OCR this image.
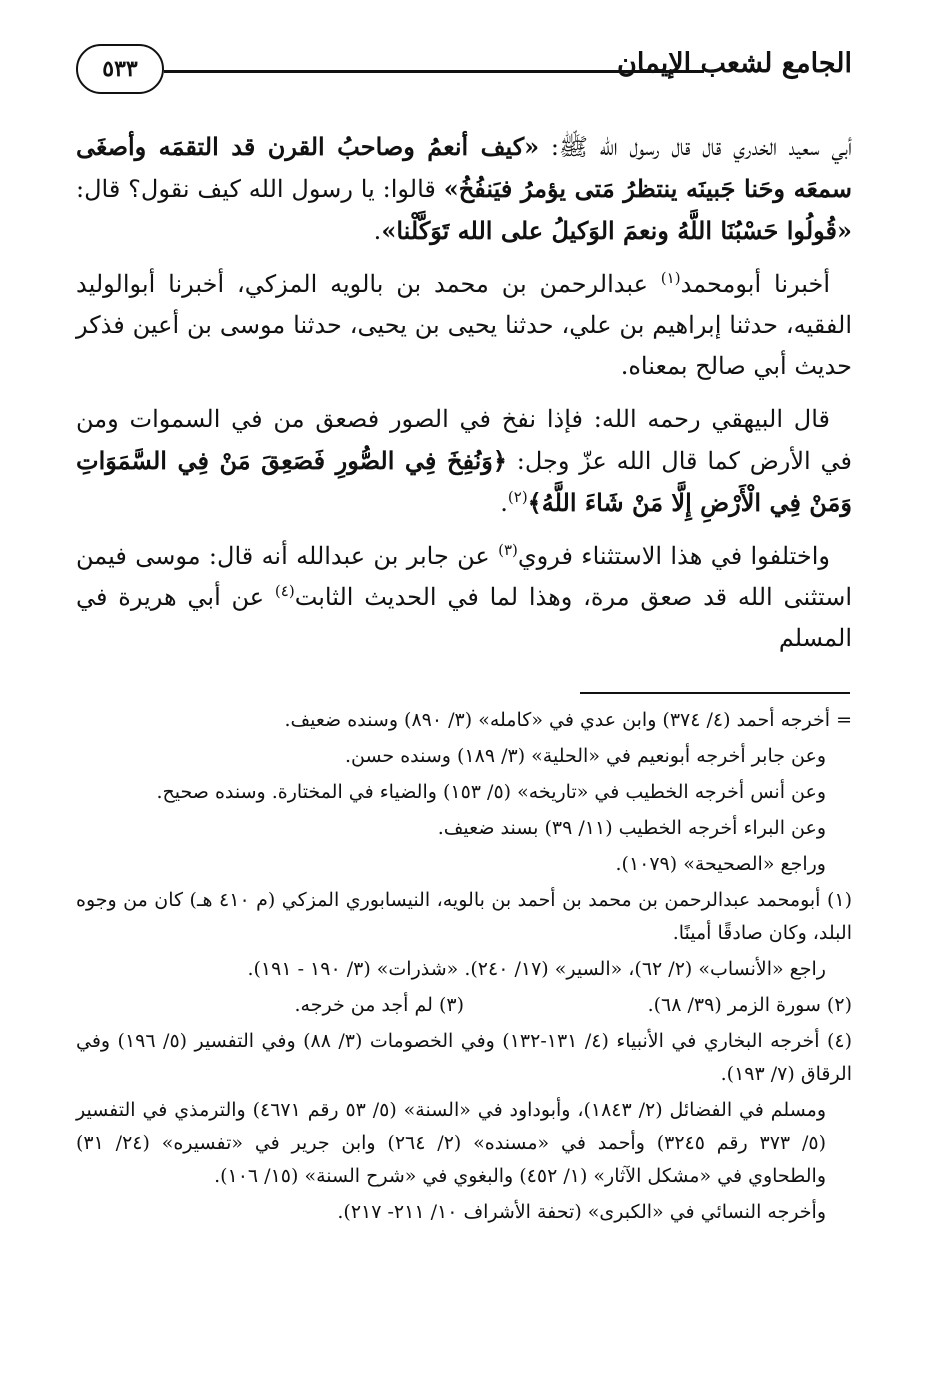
٥٣٣	الجامع لشعب الإيمان

أبي سعيد الخدري قال قال رسول الله ﷺ: «كيف أنعمُ وصاحبُ القرن قد التقمَه وأصغَى سمعَه وحَنا جَبينَه ينتظرُ مَتى يؤمرُ فيَنفُخُ» قالوا: يا رسول الله كيف نقول؟ قال: «قُولُوا حَسْبُنَا اللَّهُ ونعمَ الوَكيلُ على الله تَوَكَّلْنا».

أخبرنا أبومحمد$^{(١)}$ عبدالرحمن بن محمد بن بالويه المزكي، أخبرنا أبوالوليد الفقيه، حدثنا إبراهيم بن علي، حدثنا يحيى بن يحيى، حدثنا موسى بن أعين فذكر حديث أبي صالح بمعناه.

قال البيهقي رحمه الله: فإذا نفخ في الصور فصعق من في السموات ومن في الأرض كما قال الله عزّ وجل: ﴿وَنُفِخَ فِي الصُّورِ فَصَعِقَ مَنْ فِي السَّمَوَاتِ وَمَنْ فِي الْأَرْضِ إِلَّا مَنْ شَاءَ اللَّهُ﴾$^{(٢)}$.

واختلفوا في هذا الاستثناء فروي$^{(٣)}$ عن جابر بن عبدالله أنه قال: موسى فيمن استثنى الله قد صعق مرة، وهذا لما في الحديث الثابت$^{(٤)}$ عن أبي هريرة في المسلم

= أخرجه أحمد (٤/ ٣٧٤) وابن عدي في «كامله» (٣/ ٨٩٠) وسنده ضعيف.

وعن جابر أخرجه أبونعيم في «الحلية» (٣/ ١٨٩) وسنده حسن.

وعن أنس أخرجه الخطيب في «تاريخه» (٥/ ١٥٣) والضياء في المختارة. وسنده صحيح.

وعن البراء أخرجه الخطيب (١١/ ٣٩) بسند ضعيف.

وراجع «الصحيحة» (١٠٧٩).

(١) أبومحمد عبدالرحمن بن محمد بن أحمد بن بالويه، النيسابوري المزكي (م ٤١٠ هـ) كان من وجوه البلد، وكان صادقًا أمينًا.

راجع «الأنساب» (٢/ ٦٢)، «السير» (١٧/ ٢٤٠). «شذرات» (٣/ ١٩٠ - ١٩١).

(٢) سورة الزمر (٣٩/ ٦٨).
(٣) لم أجد من خرجه.

(٤) أخرجه البخاري في الأنبياء (٤/ ١٣١-١٣٢) وفي الخصومات (٣/ ٨٨) وفي التفسير (٥/ ١٩٦) وفي الرقاق (٧/ ١٩٣).

ومسلم في الفضائل (٢/ ١٨٤٣)، وأبوداود في «السنة» (٥/ ٥٣ رقم ٤٦٧١) والترمذي في التفسير (٥/ ٣٧٣ رقم ٣٢٤٥) وأحمد في «مسنده» (٢/ ٢٦٤) وابن جرير في «تفسيره» (٢٤/ ٣١) والطحاوي في «مشكل الآثار» (١/ ٤٥٢) والبغوي في «شرح السنة» (١٥/ ١٠٦).

وأخرجه النسائي في «الكبرى» (تحفة الأشراف ١٠/ ٢١١- ٢١٧).
